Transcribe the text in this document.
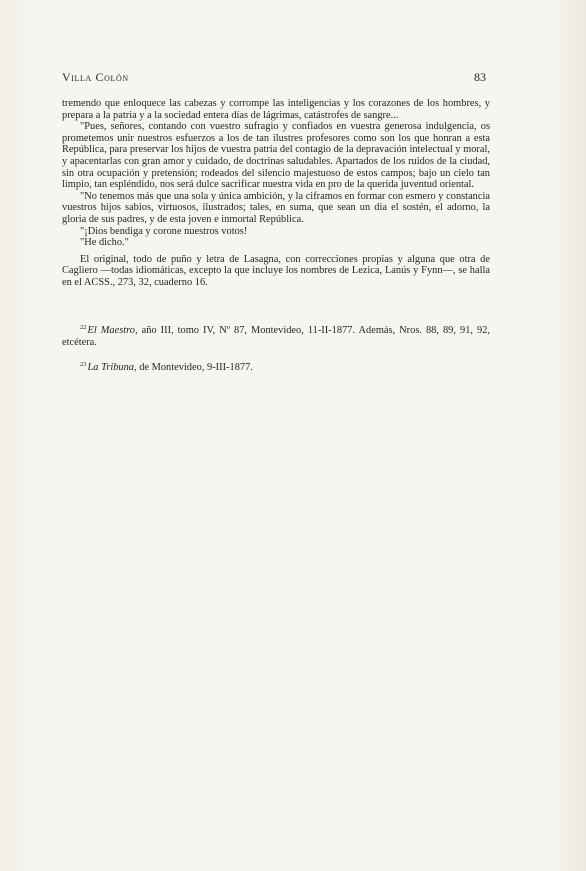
Villa Colón	83

tremendo que enloquece las cabezas y corrompe las inteligencias y los corazones de los hombres, y prepara a la patria y a la sociedad entera días de lágrimas, catástrofes de sangre...

"Pues, señores, contando con vuestro sufragio y confiados en vuestra generosa indulgencia, os prometemos unir nuestros esfuerzos a los de tan ilustres profesores como son los que honran a esta República, para preservar los hijos de vuestra patria del contagio de la depravación intelectual y moral, y apacentarlas con gran amor y cuidado, de doctrinas saludables. Apartados de los ruidos de la ciudad, sin otra ocupación y pretensión; rodeados del silencio majestuoso de estos campos; bajo un cielo tan limpio, tan espléndido, nos será dulce sacrificar nuestra vida en pro de la querida juventud oriental.

"No tenemos más que una sola y única ambición, y la ciframos en formar con esmero y constancia vuestros hijos sabios, virtuosos, ilustrados; tales, en suma, que sean un día el sostén, el adorno, la gloria de sus padres, y de esta joven e inmortal República.

"¡Dios bendiga y corone nuestros votos!

"He dicho."

El original, todo de puño y letra de Lasagna, con correcciones propias y alguna que otra de Cagliero —todas idiomáticas, excepto la que incluye los nombres de Lezica, Lanús y Fynn—, se halla en el ACSS., 273, 32, cuaderno 16.

$^{22}$El Maestro, año III, tomo IV, Nº 87, Montevideo, 11-II-1877. Además, Nros. 88, 89, 91, 92, etcétera.

$^{23}$La Tribuna, de Montevideo, 9-III-1877.
